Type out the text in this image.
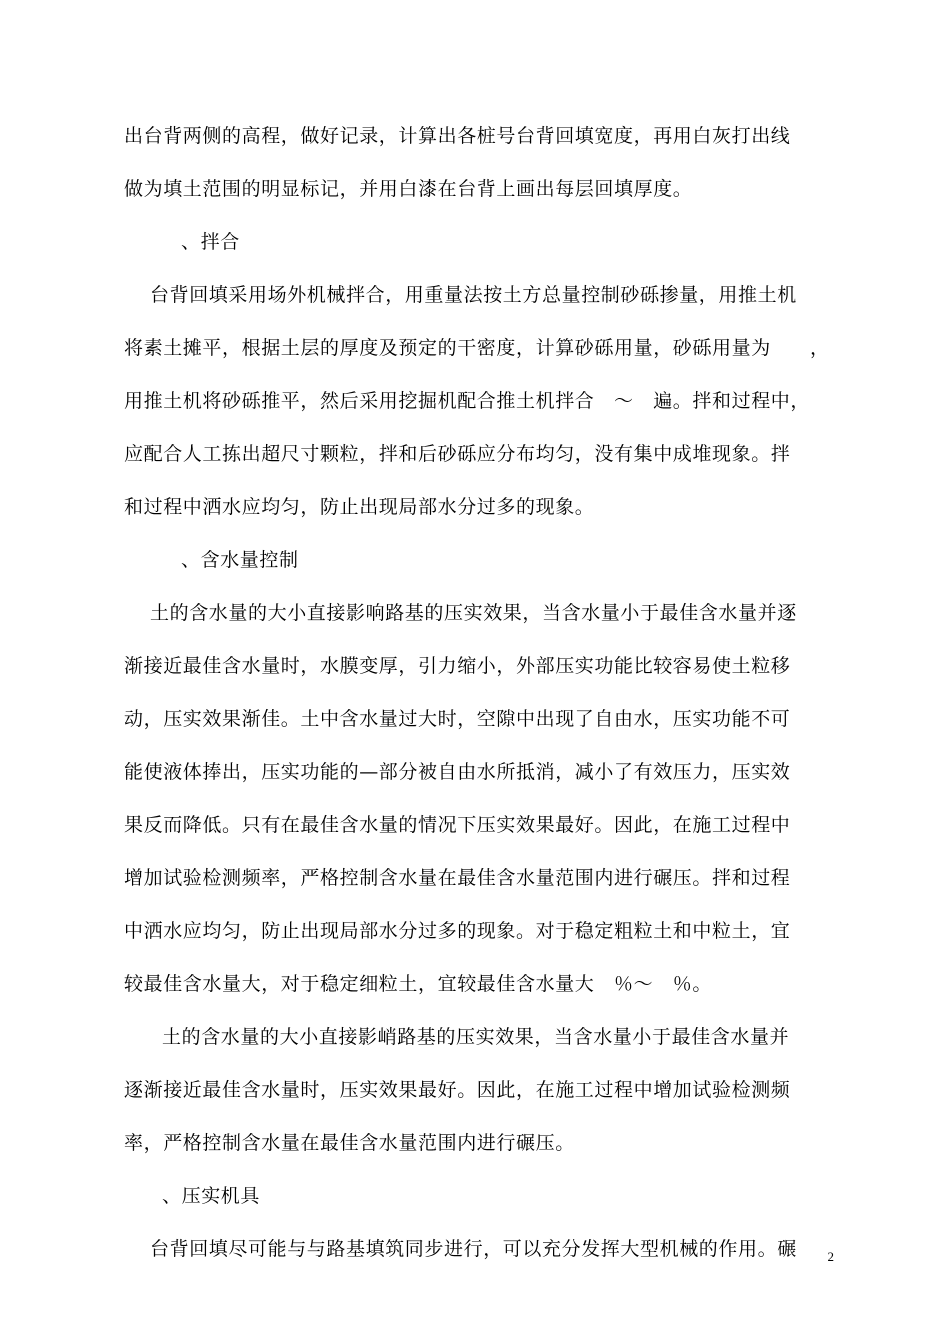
出台背两侧的高程，做好记录，计算出各桩号台背回填宽度，再用白灰打出线
做为填土范围的明显标记，并用白漆在台背上画出每层回填厚度。
、拌合
台背回填采用场外机械拌合，用重量法按土方总量控制砂砾掺量，用推土机
将素土摊平，根据土层的厚度及预定的干密度，计算砂砾用量，砂砾用量为　　，
用推土机将砂砾推平，然后采用挖掘机配合推土机拌合　～　遍。拌和过程中，
应配合人工拣出超尺寸颗粒，拌和后砂砾应分布均匀，没有集中成堆现象。拌
和过程中洒水应均匀，防止出现局部水分过多的现象。
、含水量控制
土的含水量的大小直接影响路基的压实效果，当含水量小于最佳含水量并逐
渐接近最佳含水量时，水膜变厚，引力缩小，外部压实功能比较容易使土粒移
动，压实效果渐佳。土中含水量过大时，空隙中出现了自由水，压实功能不可
能使液体捧出，压实功能的—部分被自由水所抵消，减小了有效压力，压实效
果反而降低。只有在最佳含水量的情况下压实效果最好。因此，在施工过程中
增加试验检测频率，严格控制含水量在最佳含水量范围内进行碾压。拌和过程
中洒水应均匀，防止出现局部水分过多的现象。对于稳定粗粒土和中粒土，宜
较最佳含水量大，对于稳定细粒土，宜较最佳含水量大　％～　％。
土的含水量的大小直接影峭路基的压实效果，当含水量小于最佳含水量并
逐渐接近最佳含水量时，压实效果最好。因此，在施工过程中增加试验检测频
率，严格控制含水量在最佳含水量范围内进行碾压。
、压实机具
台背回填尽可能与与路基填筑同步进行，可以充分发挥大型机械的作用。碾 2
